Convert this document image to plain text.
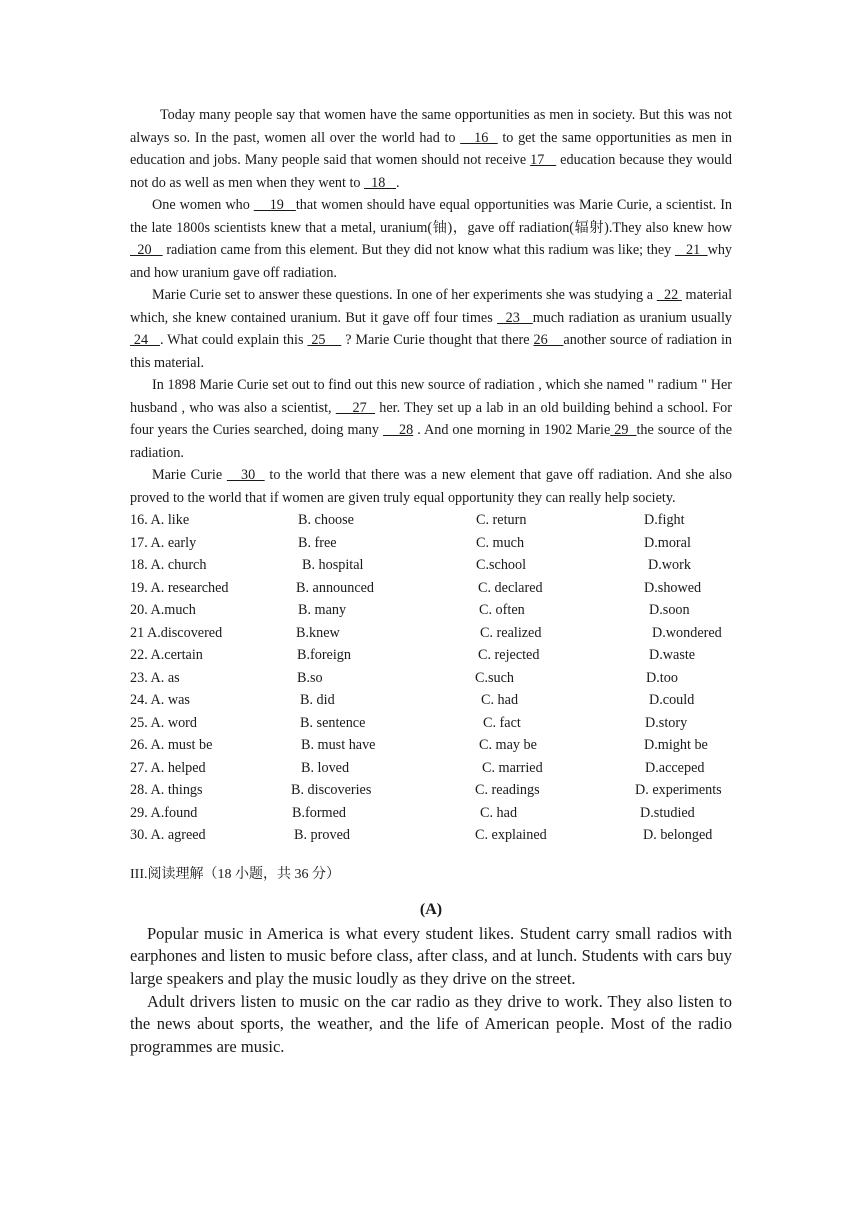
Today many people say that women have the same opportunities as men in society. But this was not always so. In the past, women all over the world had to    16   to get the same opportunities as men in education and jobs. Many people said that women should not receive 17    education because they would not do as well as men when they went to   18   .

One women who     19   that women should have equal opportunities was Marie Curie, a scientist. In the late 1800s scientists knew that a metal, uranium(铀)，gave off radiation(辐射).They also knew how   20    radiation came from this element. But they did not know what this radium was like; they    21  why and how uranium gave off radiation.

Marie Curie set to answer these questions. In one of her experiments she was studying a   22  material which, she knew contained uranium. But it gave off four times   23   much radiation as uranium usually  24   . What could explain this  25     ? Marie Curie thought that there 26    another source of radiation in this material.

In 1898 Marie Curie set out to find out this new source of radiation , which she named " radium " Her husband , who was also a scientist,     27   her. They set up a lab in an old building behind a school. For four years the Curies searched, doing many     28 . And one morning in 1902 Marie 29  the source of the radiation.

Marie Curie    30   to the world that there was a new element that gave off radiation. And she also proved to the world that if women are given truly equal opportunity they can really help society.

16. A. like	B. choose	C. return	D.fight
17. A. early	B. free	C. much	D.moral
18. A. church	B. hospital	C.school	D.work
19. A. researched	B. announced	C. declared	D.showed
20. A.much	B. many	C. often	D.soon
21 A.discovered	B.knew	C. realized	D.wondered
22. A.certain	B.foreign	C. rejected	D.waste
23. A. as	B.so	C.such	D.too
24. A. was	B. did	C. had	D.could
25. A. word	B. sentence	C. fact	D.story
26. A. must be	B. must have	C. may be	D.might be
27. A. helped	B. loved	C. married	D.acceped
28. A. things	B. discoveries	C. readings	D. experiments
29. A.found	B.formed	C. had	D.studied
30. A. agreed	B. proved	C. explained	D. belonged
III.阅读理解（18 小题，共 36 分）
(A)

Popular music in America is what every student likes. Student carry small radios with earphones and listen to music before class, after class, and at lunch. Students with cars buy large speakers and play the music loudly as they drive on the street.

Adult drivers listen to music on the car radio as they drive to work. They also listen to the news about sports, the weather, and the life of American people. Most of the radio programmes are music.
